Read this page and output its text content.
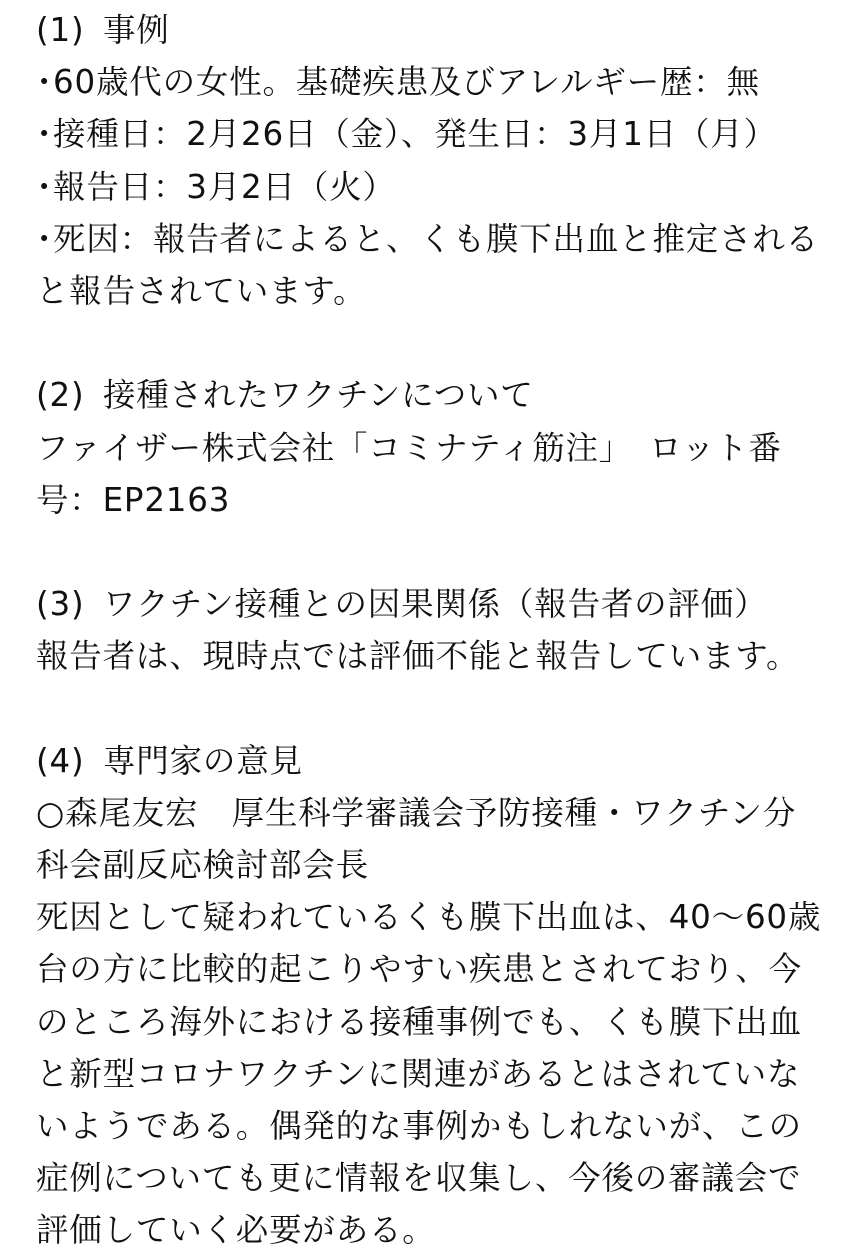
(1) 事例
･60歳代の女性。基礎疾患及びアレルギー歴：無
･接種日：2月26日（金）、発生日：3月1日（月）
･報告日：3月2日（火）
･死因：報告者によると、くも膜下出血と推定される
と報告されています。
(2) 接種されたワクチンについて
ファイザー株式会社「コミナティ筋注」　ロット番
号：EP2163
(3) ワクチン接種との因果関係（報告者の評価）
報告者は、現時点では評価不能と報告しています。
(4) 専門家の意見
○森尾友宏　厚生科学審議会予防接種・ワクチン分
科会副反応検討部会長
死因として疑われているくも膜下出血は、40～60歳
台の方に比較的起こりやすい疾患とされており、今
のところ海外における接種事例でも、くも膜下出血
と新型コロナワクチンに関連があるとはされていな
いようである。偶発的な事例かもしれないが、この
症例についても更に情報を収集し、今後の審議会で
評価していく必要がある。
